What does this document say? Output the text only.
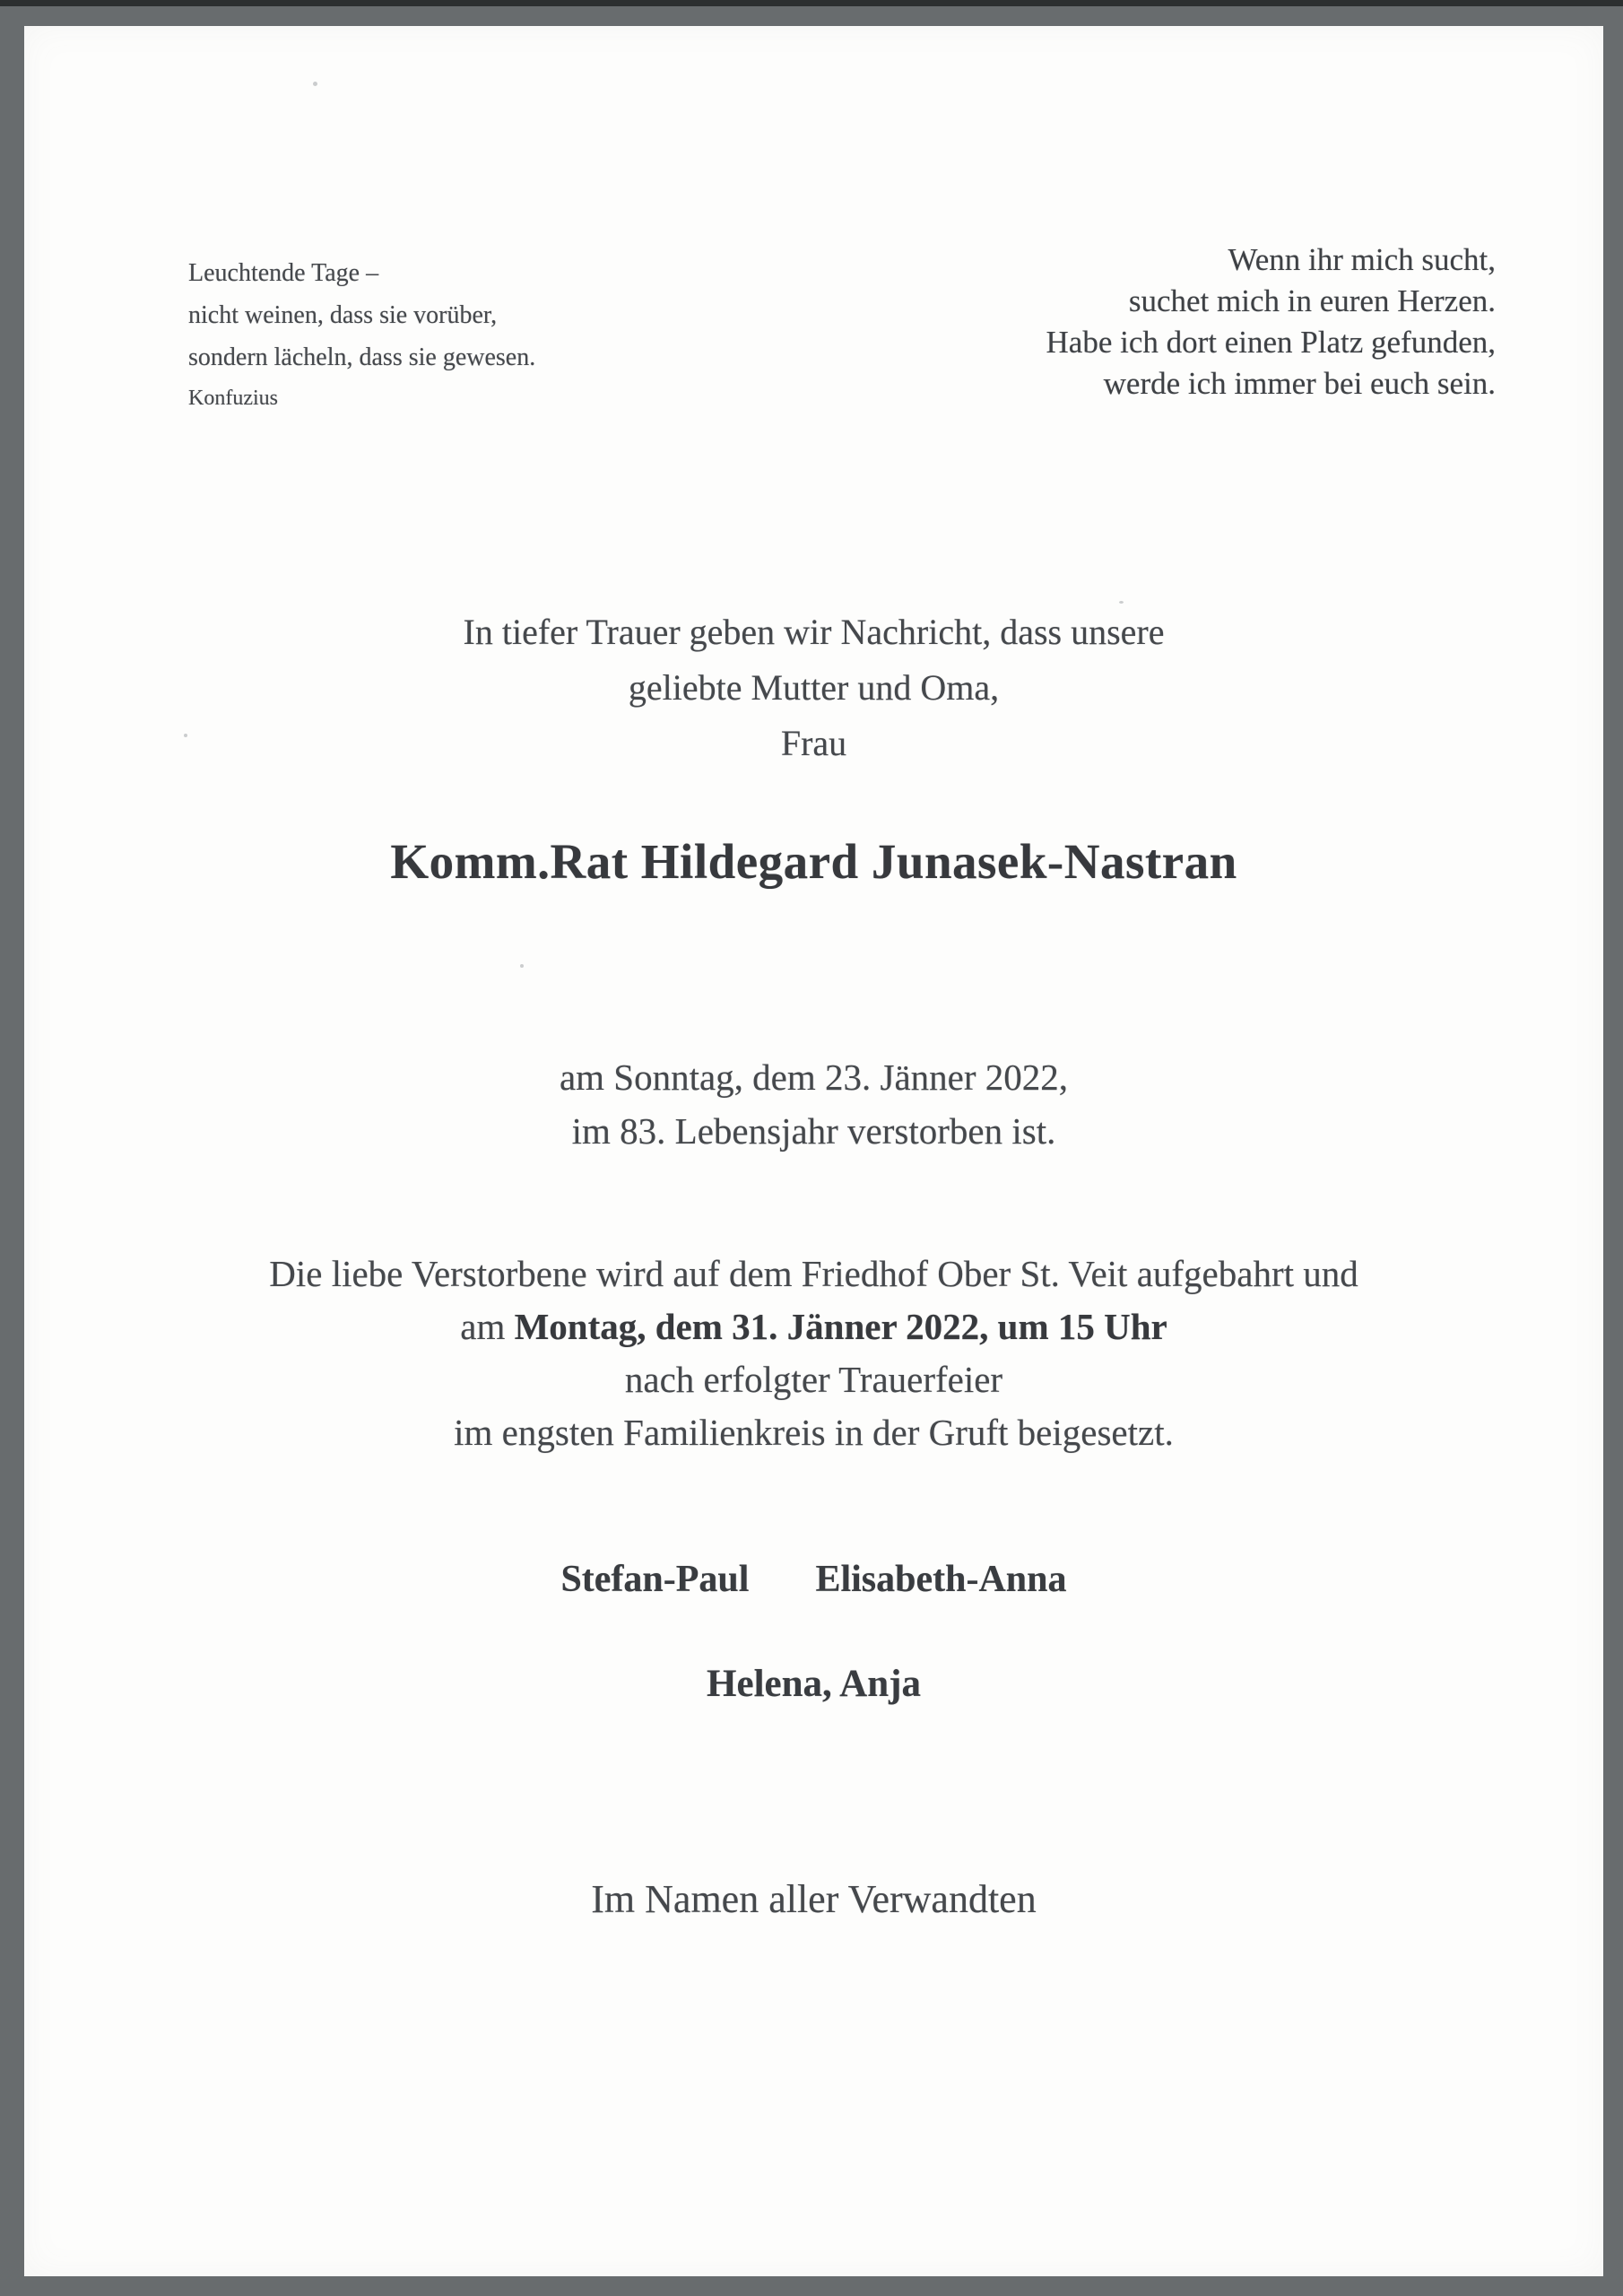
Leuchtende Tage –
nicht weinen, dass sie vorüber,
sondern lächeln, dass sie gewesen.
Konfuzius
Wenn ihr mich sucht,
suchet mich in euren Herzen.
Habe ich dort einen Platz gefunden,
werde ich immer bei euch sein.
In tiefer Trauer geben wir Nachricht, dass unsere
geliebte Mutter und Oma,
Frau
Komm.Rat Hildegard Junasek-Nastran
am Sonntag, dem 23. Jänner 2022,
im 83. Lebensjahr verstorben ist.
Die liebe Verstorbene wird auf dem Friedhof Ober St. Veit aufgebahrt und
am Montag, dem 31. Jänner 2022, um 15 Uhr
nach erfolgter Trauerfeier
im engsten Familienkreis in der Gruft beigesetzt.
Stefan-Paul Elisabeth-Anna
Helena, Anja
Im Namen aller Verwandten
